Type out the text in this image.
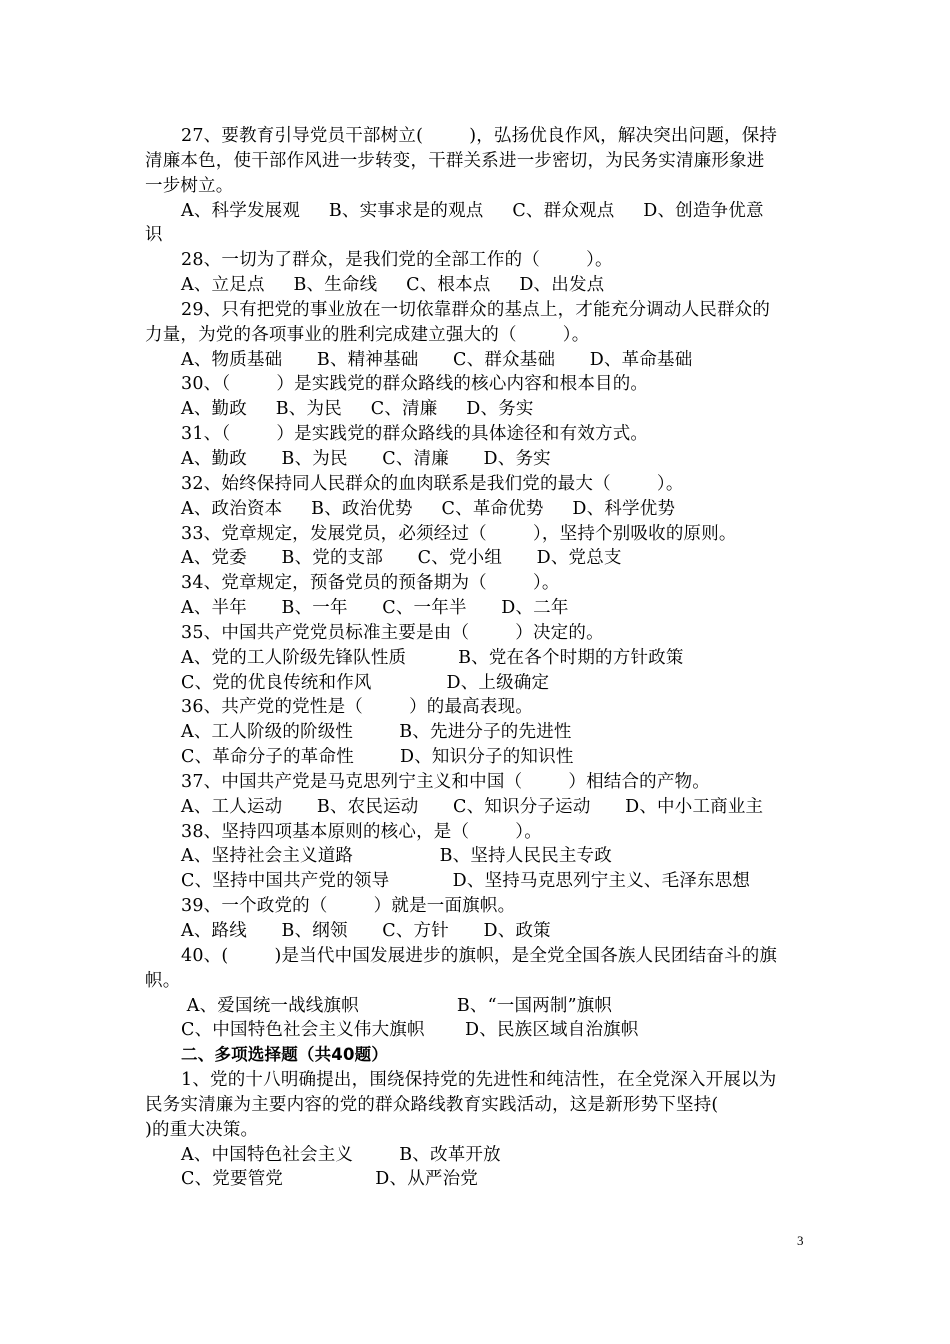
27、要教育引导党员干部树立(        )，弘扬优良作风，解决突出问题，保持
清廉本色，使干部作风进一步转变，干群关系进一步密切，为民务实清廉形象进
一步树立。
A、科学发展观     B、实事求是的观点     C、群众观点     D、创造争优意
识
28、一切为了群众，是我们党的全部工作的（        ）。
A、立足点     B、生命线     C、根本点     D、出发点
29、只有把党的事业放在一切依靠群众的基点上，才能充分调动人民群众的
力量，为党的各项事业的胜利完成建立强大的（        ）。
A、物质基础      B、精神基础      C、群众基础      D、革命基础
30、（        ）是实践党的群众路线的核心内容和根本目的。
A、勤政     B、为民     C、清廉     D、务实
31、（        ）是实践党的群众路线的具体途径和有效方式。
A、勤政      B、为民      C、清廉      D、务实
32、始终保持同人民群众的血肉联系是我们党的最大（        ）。
A、政治资本     B、政治优势     C、革命优势     D、科学优势
33、党章规定，发展党员，必须经过（        ），坚持个别吸收的原则。
A、党委      B、党的支部      C、党小组      D、党总支
34、党章规定，预备党员的预备期为（        ）。
A、半年      B、一年      C、一年半      D、二年
35、中国共产党党员标准主要是由（        ）决定的。
A、党的工人阶级先锋队性质         B、党在各个时期的方针政策
C、党的优良传统和作风             D、上级确定
36、共产党的党性是（        ）的最高表现。
A、工人阶级的阶级性        B、先进分子的先进性
C、革命分子的革命性        D、知识分子的知识性
37、中国共产党是马克思列宁主义和中国（        ）相结合的产物。
A、工人运动      B、农民运动      C、知识分子运动      D、中小工商业主
38、坚持四项基本原则的核心，是（        ）。
A、坚持社会主义道路               B、坚持人民民主专政
C、坚持中国共产党的领导           D、坚持马克思列宁主义、毛泽东思想
39、一个政党的（        ）就是一面旗帜。
A、路线      B、纲领      C、方针      D、政策
40、(        )是当代中国发展进步的旗帜，是全党全国各族人民团结奋斗的旗
帜。
A、爱国统一战线旗帜                 B、“一国两制”旗帜
C、中国特色社会主义伟大旗帜       D、民族区域自治旗帜
二、多项选择题（共40题）
1、党的十八明确提出，围绕保持党的先进性和纯洁性，在全党深入开展以为
民务实清廉为主要内容的党的群众路线教育实践活动，这是新形势下坚持(
)的重大决策。
A、中国特色社会主义        B、改革开放
C、党要管党                D、从严治党
3
